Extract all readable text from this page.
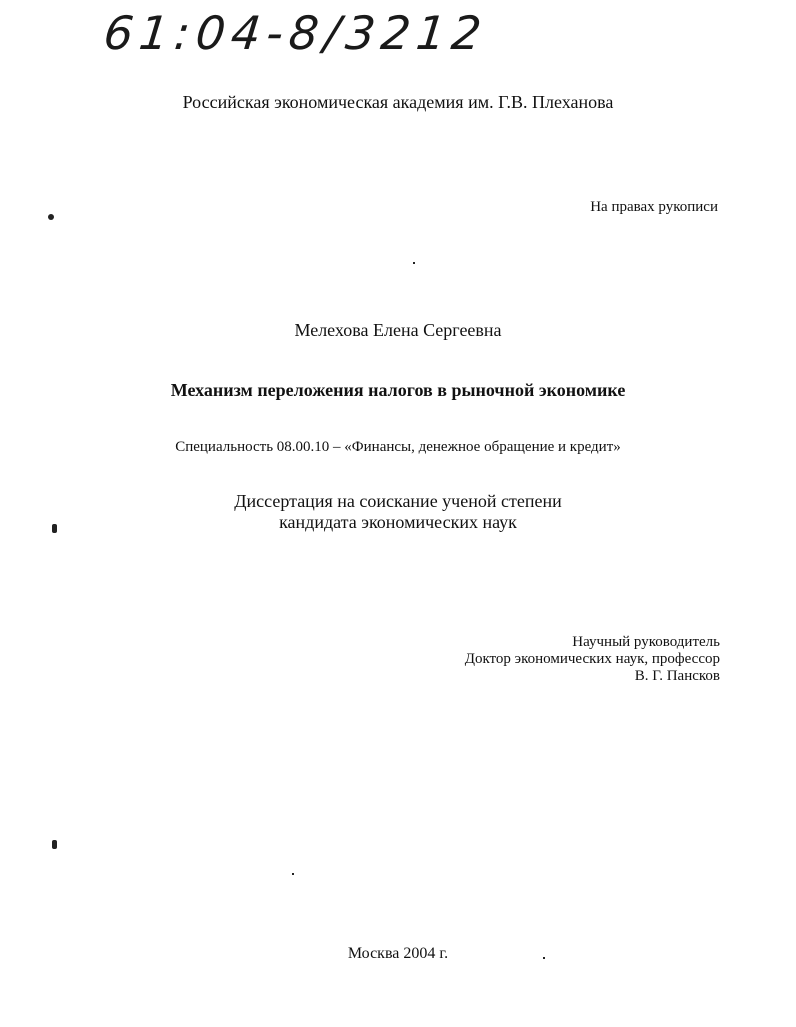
61:04-8/3212
Российская экономическая академия им. Г.В. Плеханова
На правах рукописи
Мелехова Елена Сергеевна
Механизм переложения налогов в рыночной экономике
Специальность 08.00.10 – «Финансы, денежное обращение и кредит»
Диссертация на соискание ученой степени
кандидата экономических наук
Научный руководитель
Доктор экономических наук, профессор
В. Г. Пансков
Москва 2004 г.
